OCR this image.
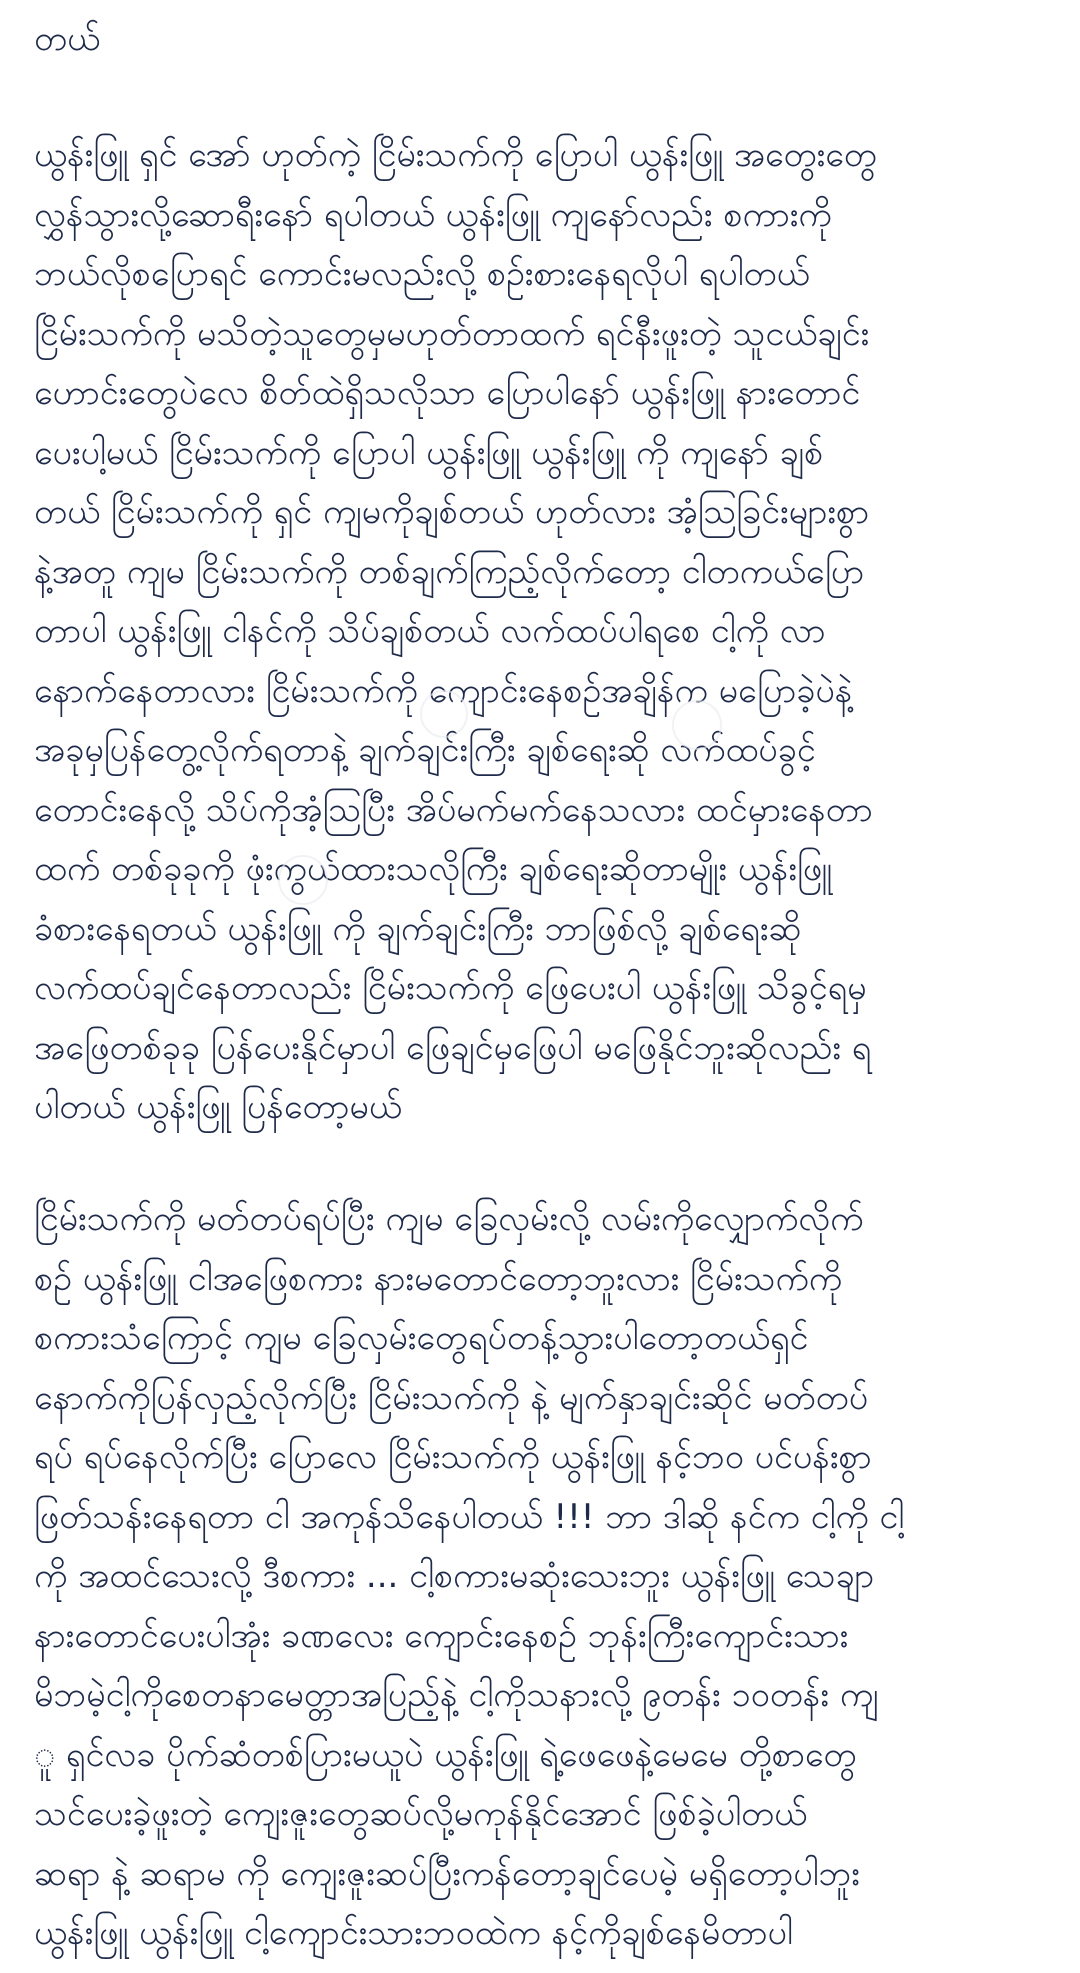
တယ်

ယွန်းဖြူ ရှင် အော် ဟုတ်ကဲ့ ငြိမ်းသက်ကို ပြောပါ ယွန်းဖြူ အတွေးတွေ
လွှန်သွားလို့ဆောရီးနော် ရပါတယ် ယွန်းဖြူ ကျနော်လည်း စကားကို
ဘယ်လိုစပြောရင် ကောင်းမလည်းလို့ စဉ်းစားနေရလိုပါ ရပါတယ်
ငြိမ်းသက်ကို မသိတဲ့သူတွေမှမဟုတ်တာထက် ရင်နီးဖူးတဲ့ သူငယ်ချင်း
ဟောင်းတွေပဲလေ စိတ်ထဲရှိသလိုသာ ပြောပါနော် ယွန်းဖြူ နားတောင်
ပေးပါ့မယ် ငြိမ်းသက်ကို ပြောပါ ယွန်းဖြူ ယွန်းဖြူ ကို ကျနော် ချစ်
တယ် ငြိမ်းသက်ကို ရှင် ကျမကိုချစ်တယ် ဟုတ်လား အံ့သြခြင်းများစွာ
နဲ့အတူ ကျမ ငြိမ်းသက်ကို တစ်ချက်ကြည့်လိုက်တော့ ငါတကယ်ပြော
တာပါ ယွန်းဖြူ ငါနင်ကို သိပ်ချစ်တယ် လက်ထပ်ပါရစေ ငါ့ကို လာ
နောက်နေတာလား ငြိမ်းသက်ကို ကျောင်းနေစဉ်အချိန်က မပြောခဲ့ပဲနဲ့
အခုမှပြန်တွေ့လိုက်ရတာနဲ့ ချက်ချင်းကြီး ချစ်ရေးဆို လက်ထပ်ခွင့်
တောင်းနေလို့ သိပ်ကိုအံ့သြပြီး အိပ်မက်မက်နေသလား ထင်မှားနေတာ
ထက် တစ်ခုခုကို ဖုံးကွယ်ထားသလိုကြီး ချစ်ရေးဆိုတာမျိုး ယွန်းဖြူ
ခံစားနေရတယ် ယွန်းဖြူ ကို ချက်ချင်းကြီး ဘာဖြစ်လို့ ချစ်ရေးဆို
လက်ထပ်ချင်နေတာလည်း ငြိမ်းသက်ကို ဖြေပေးပါ ယွန်းဖြူ သိခွင့်ရမှ
အဖြေတစ်ခုခု ပြန်ပေးနိုင်မှာပါ ဖြေချင်မှဖြေပါ မဖြေနိုင်ဘူးဆိုလည်း ရ
ပါတယ် ယွန်းဖြူ ပြန်တော့မယ်

ငြိမ်းသက်ကို မတ်တပ်ရပ်ပြီး ကျမ ခြေလှမ်းလို့ လမ်းကိုလျှောက်လိုက်
စဉ် ယွန်းဖြူ ငါအဖြေစကား နားမတောင်တော့ဘူးလား ငြိမ်းသက်ကို
စကားသံကြောင့် ကျမ ခြေလှမ်းတွေရပ်တန့်သွားပါတော့တယ်ရှင်
နောက်ကိုပြန်လှည့်လိုက်ပြီး ငြိမ်းသက်ကို နဲ့ မျက်နှာချင်းဆိုင် မတ်တပ်
ရပ် ရပ်နေလိုက်ပြီး ပြောလေ ငြိမ်းသက်ကို ယွန်းဖြူ နင့်ဘဝ ပင်ပန်းစွာ
ဖြတ်သန်းနေရတာ ငါ အကုန်သိနေပါတယ် !!! ဘာ ဒါဆို နင်က ငါ့ကို ငါ့
ကို အထင်သေးလို့ ဒီစကား ... ငါ့စကားမဆုံးသေးဘူး ယွန်းဖြူ သေချာ
နားတောင်ပေးပါအုံး ခဏလေး ကျောင်းနေစဉ် ဘုန်းကြီးကျောင်းသား
မိဘမဲ့ငါ့ကိုစေတနာမေတ္တာအပြည့်နဲ့ ငါ့ကိုသနားလို့ ၉တန်း ၁၀တန်း ကျ
ူ ရှင်လခ ပိုက်ဆံတစ်ပြားမယူပဲ ယွန်းဖြူ ရဲ့ဖေဖေနဲ့မေမေ တို့စာတွေ
သင်ပေးခဲ့ဖူးတဲ့ ကျေးဇူးတွေဆပ်လို့မကုန်နိုင်အောင် ဖြစ်ခဲ့ပါတယ်
ဆရာ နဲ့ ဆရာမ ကို ကျေးဇူးဆပ်ပြီးကန်တော့ချင်ပေမဲ့ မရှိတော့ပါဘူး
ယွန်းဖြူ ယွန်းဖြူ ငါ့ကျောင်းသားဘဝထဲက နင့်ကိုချစ်နေမိတာပါ
